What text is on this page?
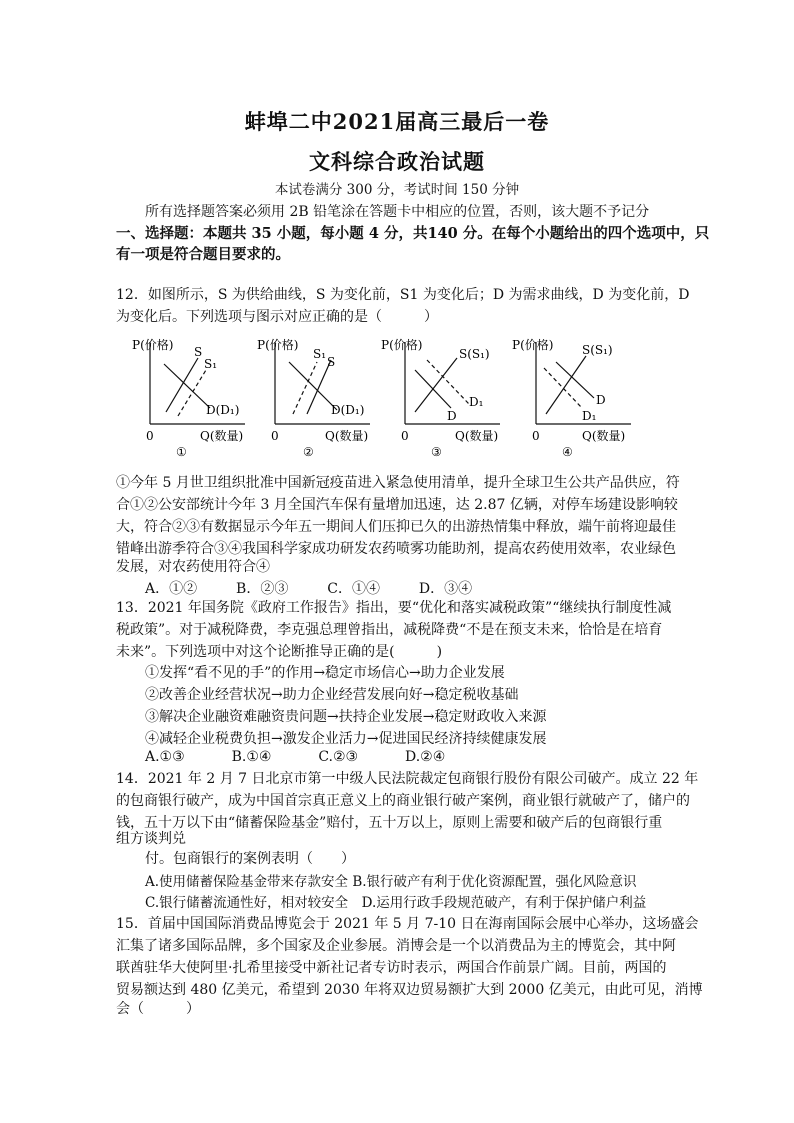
蚌埠二中2021届高三最后一卷
文科综合政治试题
本试卷满分 300 分，考试时间 150 分钟
所有选择题答案必须用 2B 铅笔涂在答题卡中相应的位置，否则，该大题不予记分
一、选择题：本题共 35 小题，每小题 4 分，共140 分。在每个小题给出的四个选项中，只
有一项是符合题目要求的。
12．如图所示，S 为供给曲线，S 为变化前，S1 为变化后；D 为需求曲线，D 为变化前，D
为变化后。下列选项与图示对应正确的是（　　　）
P(价格) S
S₁
D(D₁)
0	Q(数量)
①
P(价格)
S
S₁
D(D₁)
0	Q(数量)
②
P(价格)
S(S₁)
D
D₁
0	Q(数量)
③
P(价格) S(S₁)
D
D₁
0	Q(数量)
④
①今年 5 月世卫组织批准中国新冠疫苗进入紧急使用清单，提升全球卫生公共产品供应，符
合①②公安部统计今年 3 月全国汽车保有量增加迅速，达 2.87 亿辆，对停车场建设影响较
大，符合②③有数据显示今年五一期间人们压抑已久的出游热情集中释放，端午前将迎最佳
错峰出游季符合③④我国科学家成功研发农药喷雾功能助剂，提高农药使用效率，农业绿色
发展，对农药使用符合④
A．①②	B．②③	C．①④	D．③④
13．2021 年国务院《政府工作报告》指出，要“优化和落实减税政策”“继续执行制度性减
税政策”。对于减税降费，李克强总理曾指出，减税降费“不是在预支未来，恰恰是在培育
未来”。下列选项中对这个论断推导正确的是(　　　)
①发挥“看不见的手”的作用→稳定市场信心→助力企业发展
②改善企业经营状况→助力企业经营发展向好→稳定税收基础
③解决企业融资难融资贵问题→扶持企业发展→稳定财政收入来源
④减轻企业税费负担→激发企业活力→促进国民经济持续健康发展
A.①③	B.①④	C.②③	D.②④
14．2021 年 2 月 7 日北京市第一中级人民法院裁定包商银行股份有限公司破产。成立 22 年
的包商银行破产，成为中国首宗真正意义上的商业银行破产案例，商业银行就破产了，储户的
钱，五十万以下由“储蓄保险基金”赔付，五十万以上，原则上需要和破产后的包商银行重
组方谈判兑
付。包商银行的案例表明（　　）
A.使用储蓄保险基金带来存款安全 B.银行破产有利于优化资源配置，强化风险意识
C.银行储蓄流通性好，相对较安全　D.运用行政手段规范破产，有利于保护储户利益
15．首届中国国际消费品博览会于 2021 年 5 月 7-10 日在海南国际会展中心举办，这场盛会
汇集了诸多国际品牌，多个国家及企业参展。消博会是一个以消费品为主的博览会，其中阿
联酋驻华大使阿里·扎希里接受中新社记者专访时表示，两国合作前景广阔。目前，两国的
贸易额达到 480 亿美元，希望到 2030 年将双边贸易额扩大到 2000 亿美元，由此可见，消博
会（　　　）
